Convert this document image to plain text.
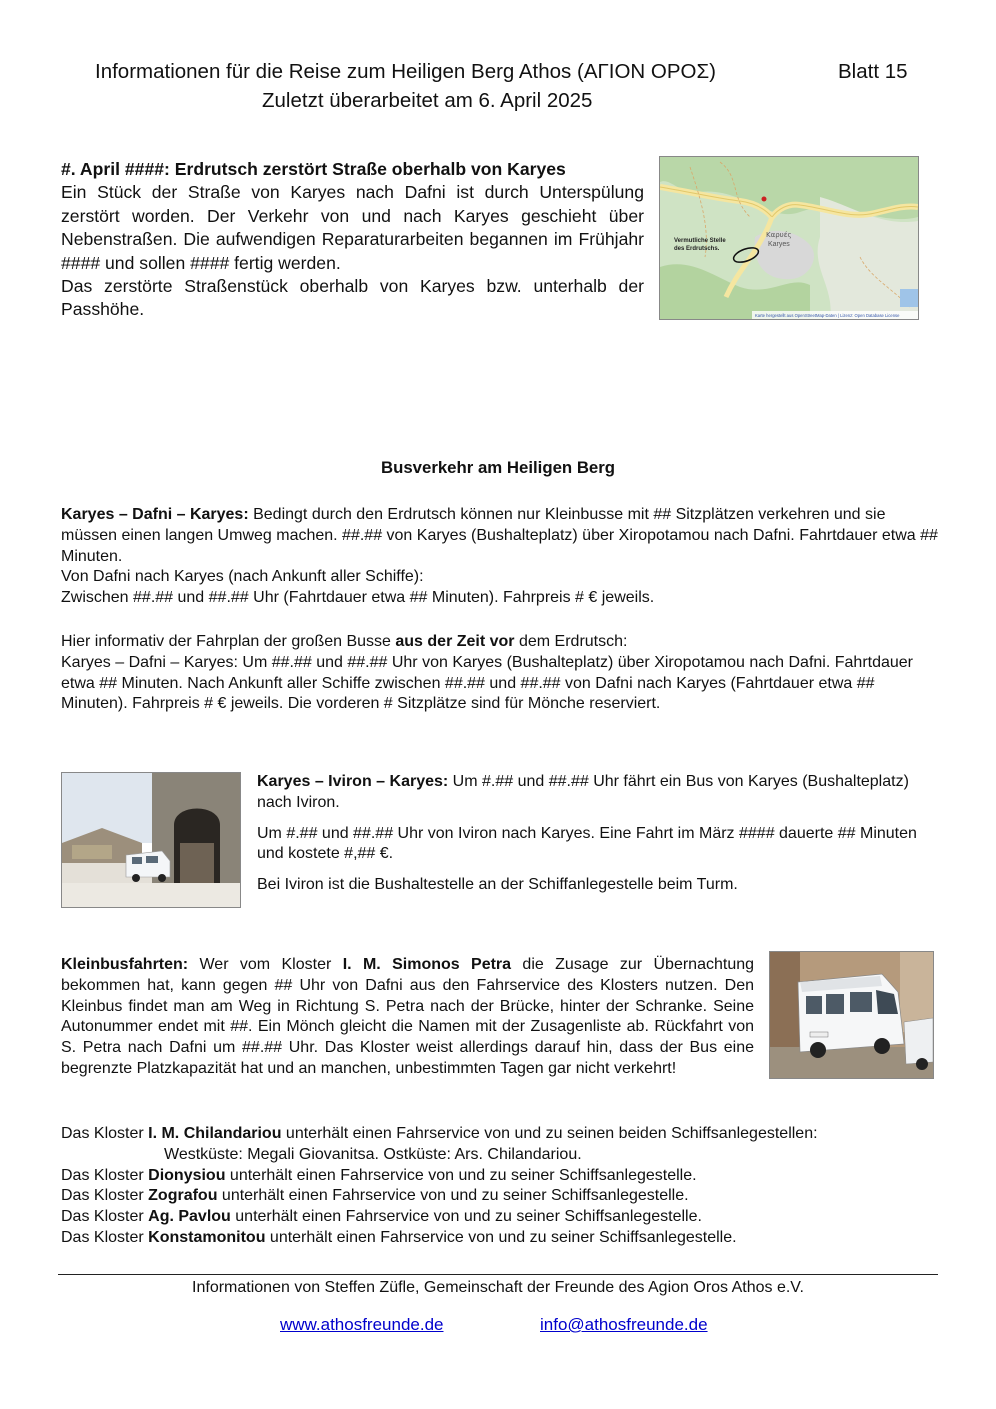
Informationen für die Reise zum Heiligen Berg Athos (ΑΓΙΟΝ ΟΡΟΣ)	Blatt 15
Zuletzt überarbeitet am 6. April 2025
#. April ####: Erdrutsch zerstört Straße oberhalb von Karyes
Ein Stück der Straße von Karyes nach Dafni ist durch Unterspülung zerstört worden. Der Verkehr von und nach Karyes geschieht über Nebenstraßen. Die aufwendigen Reparaturarbeiten begannen im Frühjahr #### und sollen #### fertig werden.
Das zerstörte Straßenstück oberhalb von Karyes bzw. unterhalb der Passhöhe.
Vermutliche Stelle
des Erdrutschs.
Καρυές
Karyes
Karte hergestellt aus OpenStreetMap-Daten | Lizenz: Open Database License
Busverkehr am Heiligen Berg
Karyes – Dafni – Karyes: Bedingt durch den Erdrutsch können nur Kleinbusse mit ## Sitzplätzen verkehren und sie müssen einen langen Umweg machen. ##.## von Karyes (Bushalteplatz) über Xiropotamou nach Dafni. Fahrtdauer etwa ## Minuten.
Von Dafni nach Karyes (nach Ankunft aller Schiffe):
Zwischen ##.## und ##.## Uhr (Fahrtdauer etwa ## Minuten). Fahrpreis # € jeweils.
Hier informativ der Fahrplan der großen Busse aus der Zeit vor dem Erdrutsch:
Karyes – Dafni – Karyes: Um ##.## und ##.## Uhr von Karyes (Bushalteplatz) über Xiropotamou nach Dafni. Fahrtdauer etwa ## Minuten. Nach Ankunft aller Schiffe zwischen ##.## und ##.## von Dafni nach Karyes (Fahrtdauer etwa ## Minuten). Fahrpreis # € jeweils. Die vorderen # Sitzplätze sind für Mönche reserviert.
Karyes – Iviron – Karyes: Um #.## und ##.## Uhr fährt ein Bus von Karyes (Bushalteplatz) nach Iviron.
Um #.## und ##.## Uhr von Iviron nach Karyes. Eine Fahrt im März #### dauerte ## Minuten und kostete #,## €.
Bei Iviron ist die Bushaltestelle an der Schiffanlegestelle beim Turm.
Kleinbusfahrten: Wer vom Kloster I. M. Simonos Petra die Zusage zur Übernachtung bekommen hat, kann gegen ## Uhr von Dafni aus den Fahrservice des Klosters nutzen. Den Kleinbus findet man am Weg in Richtung S. Petra nach der Brücke, hinter der Schranke. Seine Autonummer endet mit ##. Ein Mönch gleicht die Namen mit der Zusagenliste ab. Rückfahrt von S. Petra nach Dafni um ##.## Uhr. Das Kloster weist allerdings darauf hin, dass der Bus eine begrenzte Platzkapazität hat und an manchen, unbestimmten Tagen gar nicht verkehrt!
Das Kloster I. M. Chilandariou unterhält einen Fahrservice von und zu seinen beiden Schiffsanlegestellen:
Westküste: Megali Giovanitsa. Ostküste: Ars. Chilandariou.
Das Kloster Dionysiou unterhält einen Fahrservice von und zu seiner Schiffsanlegestelle.
Das Kloster Zografou unterhält einen Fahrservice von und zu seiner Schiffsanlegestelle.
Das Kloster Ag. Pavlou unterhält einen Fahrservice von und zu seiner Schiffsanlegestelle.
Das Kloster Konstamonitou unterhält einen Fahrservice von und zu seiner Schiffsanlegestelle.
Informationen von Steffen Züfle, Gemeinschaft der Freunde des Agion Oros Athos e.V.
www.athosfreunde.de	info@athosfreunde.de
